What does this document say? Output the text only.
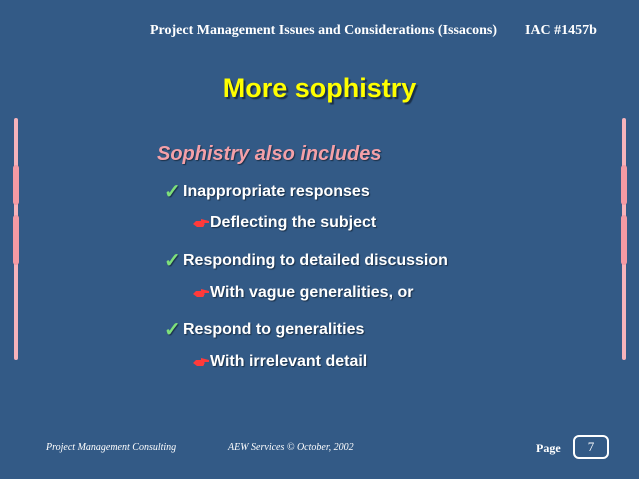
Project Management Issues and Considerations (Issacons) IAC #1457b
More sophistry
Sophistry also includes
✓ Inappropriate responses
Deflecting the subject
✓ Responding to detailed discussion
With vague generalities, or
✓ Respond to generalities
With irrelevant detail
Project Management Consulting	AEW Services © October, 2002	Page	7
